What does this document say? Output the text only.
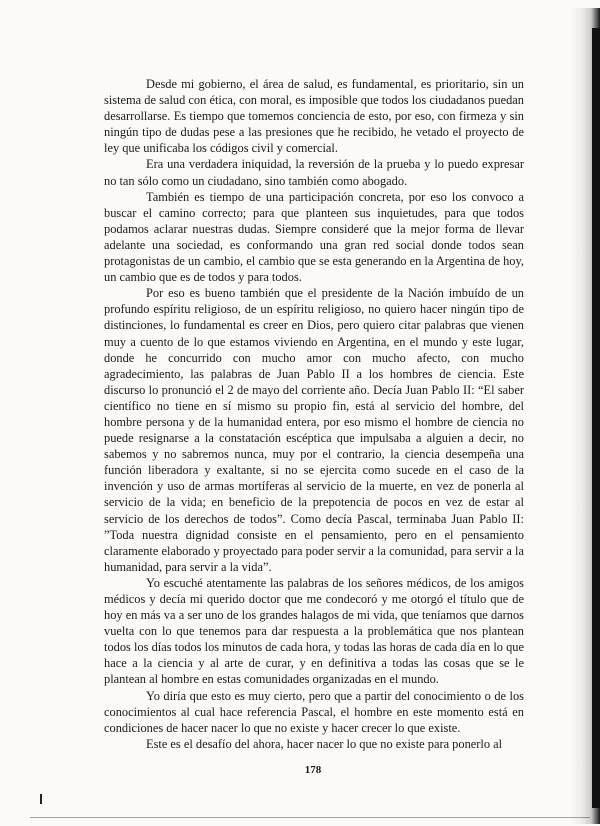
Desde mi gobierno, el área de salud, es fundamental, es prioritario, sin un sistema de salud con ética, con moral, es imposible que todos los ciudadanos puedan desarrollarse. Es tiempo que tomemos conciencia de esto, por eso, con firmeza y sin ningún tipo de dudas pese a las presiones que he recibido, he vetado el proyecto de ley que unificaba los códigos civil y comercial.

Era una verdadera iniquidad, la reversión de la prueba y lo puedo expresar no tan sólo como un ciudadano, sino también como abogado.

También es tiempo de una participación concreta, por eso los convoco a buscar el camino correcto; para que planteen sus inquietudes, para que todos podamos aclarar nuestras dudas. Siempre consideré que la mejor forma de llevar adelante una sociedad, es conformando una gran red social donde todos sean protagonistas de un cambio, el cambio que se esta generando en la Argentina de hoy, un cambio que es de todos y para todos.

Por eso es bueno también que el presidente de la Nación imbuído de un profundo espíritu religioso, de un espíritu religioso, no quiero hacer ningún tipo de distinciones, lo fundamental es creer en Dios, pero quiero citar palabras que vienen muy a cuento de lo que estamos viviendo en Argentina, en el mundo y este lugar, donde he concurrido con mucho amor con mucho afecto, con mucho agradecimiento, las palabras de Juan Pablo II a los hombres de ciencia. Este discurso lo pronunció el 2 de mayo del corriente año. Decía Juan Pablo II: “El saber científico no tiene en sí mismo su propio fin, está al servicio del hombre, del hombre persona y de la humanidad entera, por eso mismo el hombre de ciencia no puede resignarse a la constatación escéptica que impulsaba a alguien a decir, no sabemos y no sabremos nunca, muy por el contrario, la ciencia desempeña una función liberadora y exaltante, si no se ejercita como sucede en el caso de la invención y uso de armas mortíferas al servicio de la muerte, en vez de ponerla al servicio de la vida; en beneficio de la prepotencia de pocos en vez de estar al servicio de los derechos de todos”. Como decía Pascal, terminaba Juan Pablo II: ”Toda nuestra dignidad consiste en el pensamiento, pero en el pensamiento claramente elaborado y proyectado para poder servir a la comunidad, para servir a la humanidad, para servir a la vida”.

Yo escuché atentamente las palabras de los señores médicos, de los amigos médicos y decía mi querido doctor que me condecoró y me otorgó el título que de hoy en más va a ser uno de los grandes halagos de mi vida, que teníamos que darnos vuelta con lo que tenemos para dar respuesta a la problemática que nos plantean todos los días todos los minutos de cada hora, y todas las horas de cada día en lo que hace a la ciencia y al arte de curar, y en definitiva a todas las cosas que se le plantean al hombre en estas comunidades organizadas en el mundo.

Yo diría que esto es muy cierto, pero que a partir del conocimiento o de los conocimientos al cual hace referencia Pascal, el hombre en este momento está en condiciones de hacer nacer lo que no existe y hacer crecer lo que existe.

Este es el desafío del ahora, hacer nacer lo que no existe para ponerlo al

178
